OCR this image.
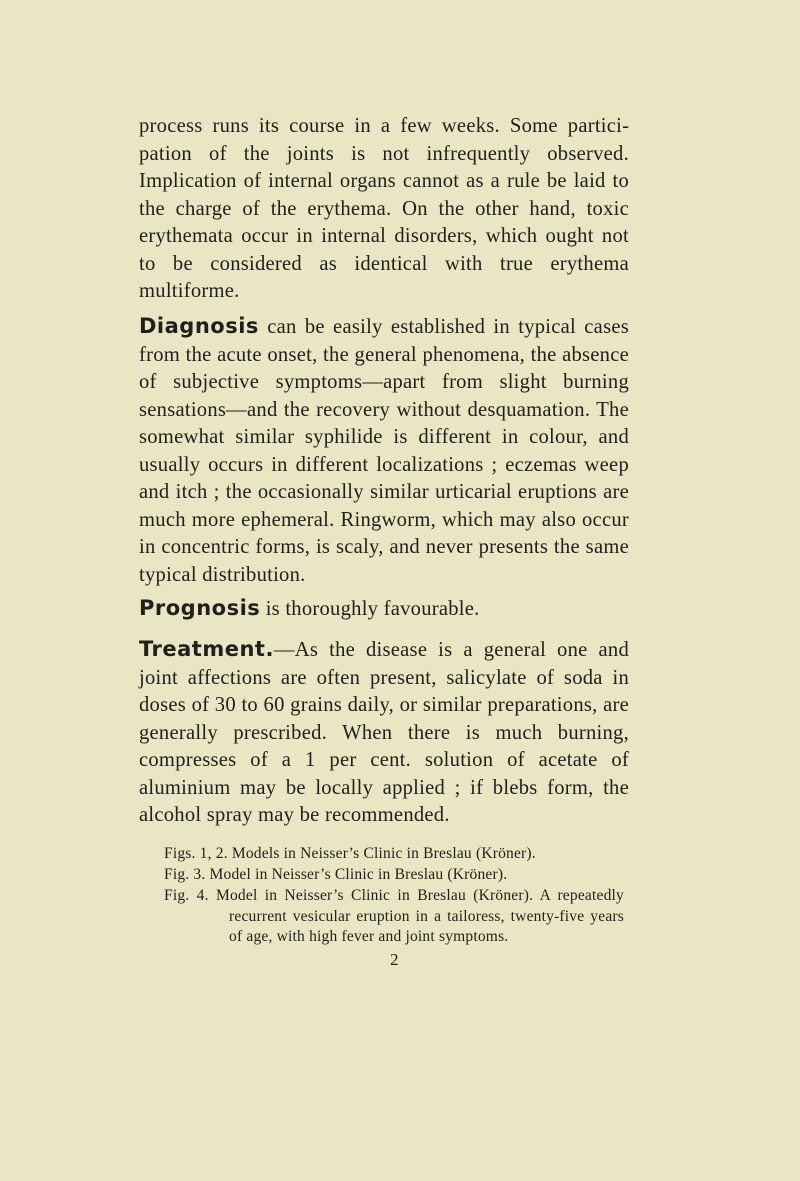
process runs its course in a few weeks. Some participation of the joints is not infrequently observed. Implication of internal organs cannot as a rule be laid to the charge of the erythema. On the other hand, toxic erythemata occur in internal disorders, which ought not to be considered as identical with true erythema multiforme.

Diagnosis can be easily established in typical cases from the acute onset, the general phenomena, the absence of subjective symptoms—apart from slight burning sensations—and the recovery without desquamation. The somewhat similar syphilide is different in colour, and usually occurs in different localizations ; eczemas weep and itch ; the occasionally similar urticarial eruptions are much more ephemeral. Ringworm, which may also occur in concentric forms, is scaly, and never presents the same typical distribution.

Prognosis is thoroughly favourable.

Treatment.—As the disease is a general one and joint affections are often present, salicylate of soda in doses of 30 to 60 grains daily, or similar preparations, are generally prescribed. When there is much burning, compresses of a 1 per cent. solution of acetate of aluminium may be locally applied ; if blebs form, the alcohol spray may be recommended.

Figs. 1, 2. Models in Neisser’s Clinic in Breslau (Kröner).

Fig. 3. Model in Neisser’s Clinic in Breslau (Kröner).

Fig. 4. Model in Neisser’s Clinic in Breslau (Kröner). A repeatedly recurrent vesicular eruption in a tailoress, twenty-five years of age, with high fever and joint symptoms.

2
